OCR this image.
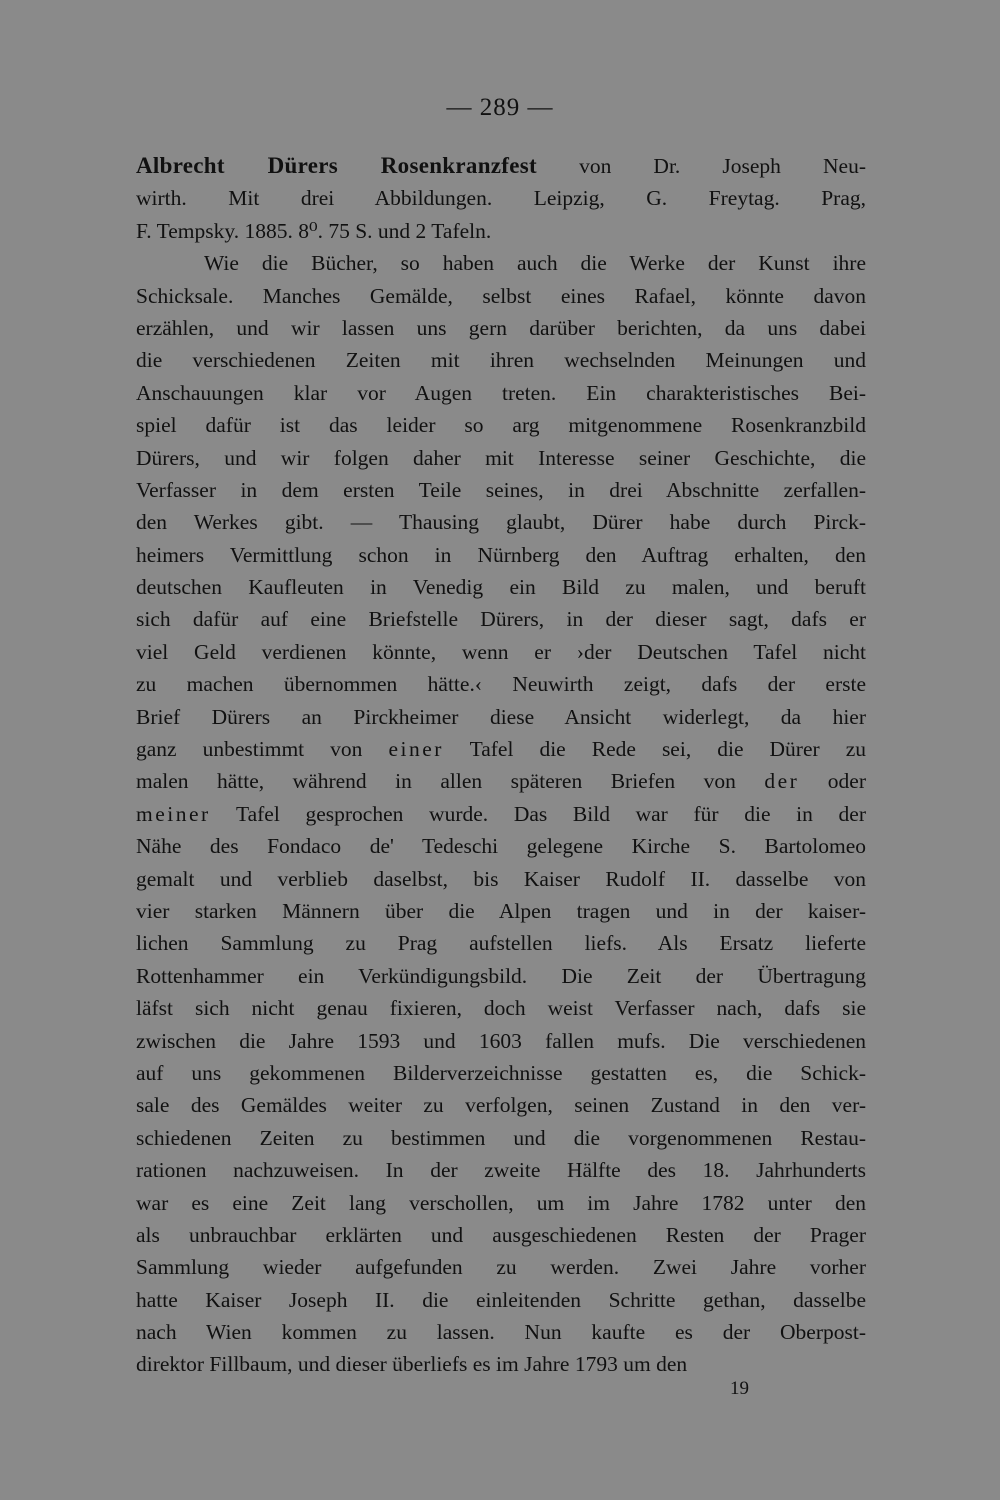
— 289 —
Albrecht Dürers Rosenkranzfest von Dr. Joseph Neu-
wirth. Mit drei Abbildungen. Leipzig, G. Freytag. Prag,
F. Tempsky. 1885. 8⁰. 75 S. und 2 Tafeln.
Wie die Bücher, so haben auch die Werke der Kunst ihre
Schicksale. Manches Gemälde, selbst eines Rafael, könnte davon
erzählen, und wir lassen uns gern darüber berichten, da uns dabei
die verschiedenen Zeiten mit ihren wechselnden Meinungen und
Anschauungen klar vor Augen treten. Ein charakteristisches Bei-
spiel dafür ist das leider so arg mitgenommene Rosenkranzbild
Dürers, und wir folgen daher mit Interesse seiner Geschichte, die
Verfasser in dem ersten Teile seines, in drei Abschnitte zerfallen-
den Werkes gibt. — Thausing glaubt, Dürer habe durch Pirck-
heimers Vermittlung schon in Nürnberg den Auftrag erhalten, den
deutschen Kaufleuten in Venedig ein Bild zu malen, und beruft
sich dafür auf eine Briefstelle Dürers, in der dieser sagt, dafs er
viel Geld verdienen könnte, wenn er ›der Deutschen Tafel nicht
zu machen übernommen hätte.‹ Neuwirth zeigt, dafs der erste
Brief Dürers an Pirckheimer diese Ansicht widerlegt, da hier
ganz unbestimmt von einer Tafel die Rede sei, die Dürer zu
malen hätte, während in allen späteren Briefen von der oder
meiner Tafel gesprochen wurde. Das Bild war für die in der
Nähe des Fondaco de' Tedeschi gelegene Kirche S. Bartolomeo
gemalt und verblieb daselbst, bis Kaiser Rudolf II. dasselbe von
vier starken Männern über die Alpen tragen und in der kaiser-
lichen Sammlung zu Prag aufstellen liefs. Als Ersatz lieferte
Rottenhammer ein Verkündigungsbild. Die Zeit der Übertragung
läfst sich nicht genau fixieren, doch weist Verfasser nach, dafs sie
zwischen die Jahre 1593 und 1603 fallen mufs. Die verschiedenen
auf uns gekommenen Bilderverzeichnisse gestatten es, die Schick-
sale des Gemäldes weiter zu verfolgen, seinen Zustand in den ver-
schiedenen Zeiten zu bestimmen und die vorgenommenen Restau-
rationen nachzuweisen. In der zweite Hälfte des 18. Jahrhunderts
war es eine Zeit lang verschollen, um im Jahre 1782 unter den
als unbrauchbar erklärten und ausgeschiedenen Resten der Prager
Sammlung wieder aufgefunden zu werden. Zwei Jahre vorher
hatte Kaiser Joseph II. die einleitenden Schritte gethan, dasselbe
nach Wien kommen zu lassen. Nun kaufte es der Oberpost-
direktor Fillbaum, und dieser überliefs es im Jahre 1793 um den
19
